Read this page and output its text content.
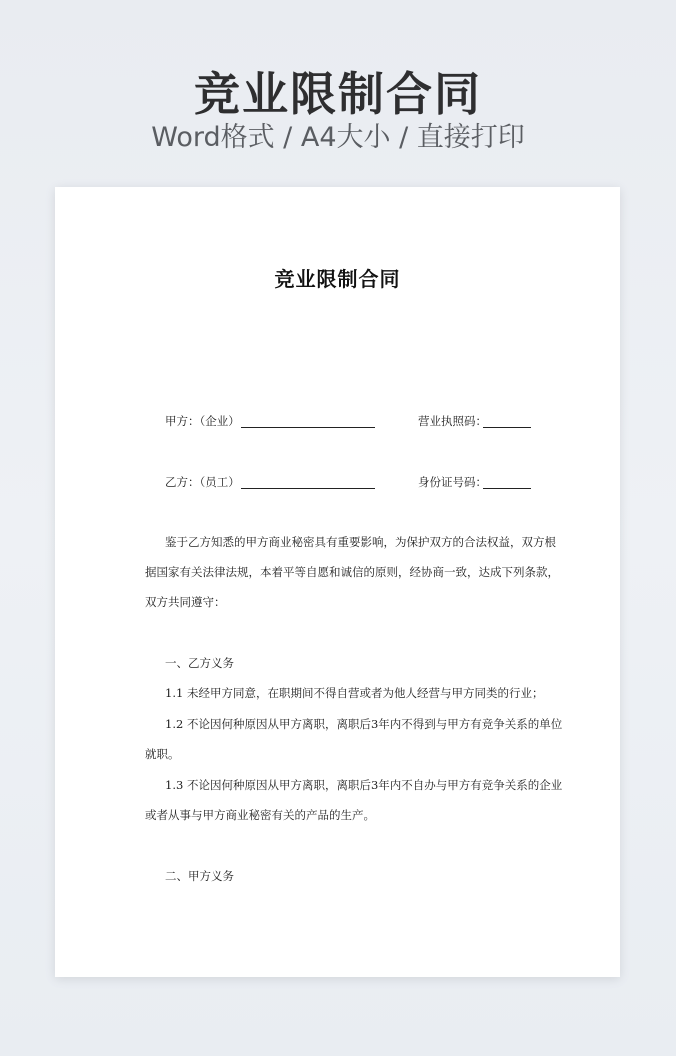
竞业限制合同
Word格式 / A4大小 / 直接打印
竞业限制合同
甲方：（企业）	营业执照码：
乙方：（员工）	身份证号码：
鉴于乙方知悉的甲方商业秘密具有重要影响，为保护双方的合法权益，双方根
据国家有关法律法规，本着平等自愿和诚信的原则，经协商一致，达成下列条款，
双方共同遵守：
一、乙方义务
1.1 未经甲方同意，在职期间不得自营或者为他人经营与甲方同类的行业；
1.2 不论因何种原因从甲方离职，离职后3年内不得到与甲方有竞争关系的单位
就职。
1.3 不论因何种原因从甲方离职，离职后3年内不自办与甲方有竞争关系的企业
或者从事与甲方商业秘密有关的产品的生产。
二、甲方义务
